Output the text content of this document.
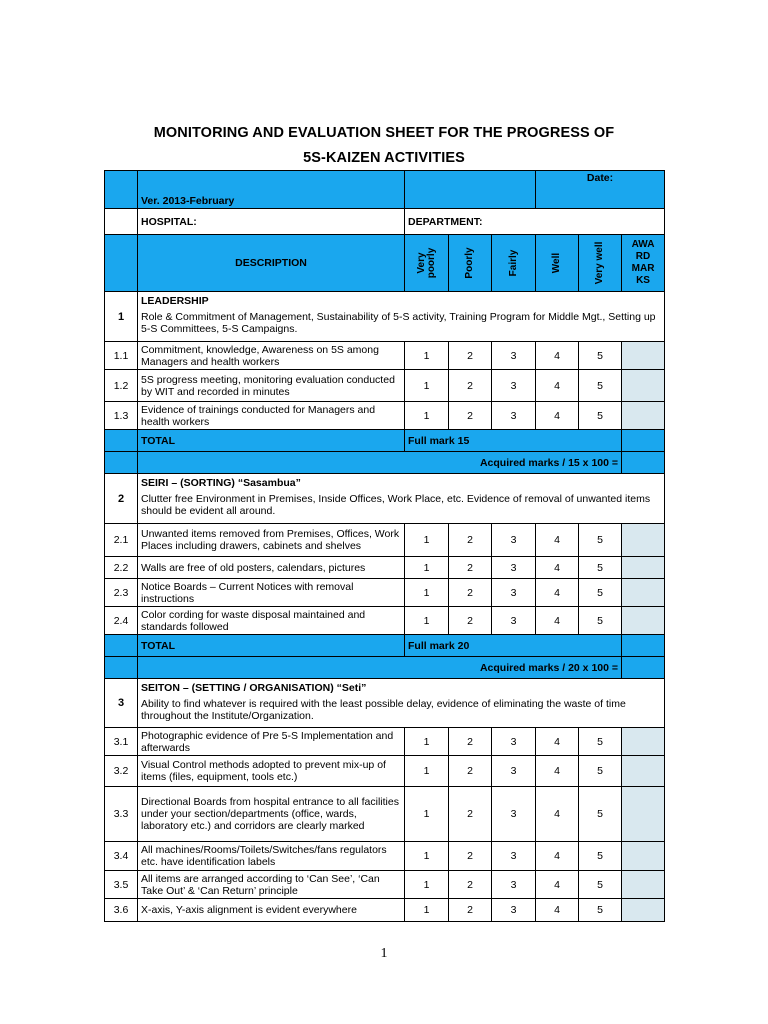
MONITORING AND EVALUATION SHEET FOR THE PROGRESS OF
5S-KAIZEN ACTIVITIES
	Ver. 2013-February				Date:		
	HOSPITAL:	DEPARTMENT:					
	DESCRIPTION	Very poorly	Poorly	Fairly	Well	Very well	AWA RD MAR KS
1	LEADERSHIP
Role & Commitment of Management, Sustainability of 5-S activity, Training Program for Middle Mgt., Setting up 5-S Committees, 5-S Campaigns.						

1.1	Commitment, knowledge, Awareness on 5S among Managers and health workers	1	2	3	4	5	
1.2	5S progress meeting, monitoring evaluation conducted by WIT and recorded in minutes	1	2	3	4	5	
1.3	Evidence of trainings conducted for Managers and health workers	1	2	3	4	5	
	TOTAL	Full mark 15					
	Acquired marks / 15 x 100 =						
2	SEIRI – (SORTING) “Sasambua”
Clutter free Environment in Premises, Inside Offices, Work Place, etc. Evidence of removal of unwanted items should be evident all around.						

2.1	Unwanted items removed from Premises, Offices, Work Places including drawers, cabinets and shelves	1	2	3	4	5	
2.2	Walls are free of old posters, calendars, pictures	1	2	3	4	5	
2.3	Notice Boards – Current Notices with removal instructions	1	2	3	4	5	
2.4	Color cording for waste disposal maintained and standards followed	1	2	3	4	5	
	TOTAL	Full mark 20					
	Acquired marks / 20 x 100 =						
3	SEITON – (SETTING / ORGANISATION) “Seti”
Ability to find whatever is required with the least possible delay, evidence of eliminating the waste of time throughout the Institute/Organization.						

3.1	Photographic evidence of Pre 5-S Implementation and afterwards	1	2	3	4	5	
3.2	Visual Control methods adopted to prevent mix-up of items (files, equipment, tools etc.)	1	2	3	4	5	
3.3	Directional Boards from hospital entrance to all facilities under your section/departments (office, wards, laboratory etc.) and corridors are clearly marked	1	2	3	4	5	
3.4	All machines/Rooms/Toilets/Switches/fans regulators etc. have identification labels	1	2	3	4	5	
3.5	All items are arranged according to ‘Can See’, ‘Can Take Out’ & ‘Can Return’ principle	1	2	3	4	5	
3.6	X-axis, Y-axis alignment is evident everywhere	1	2	3	4	5	
1
